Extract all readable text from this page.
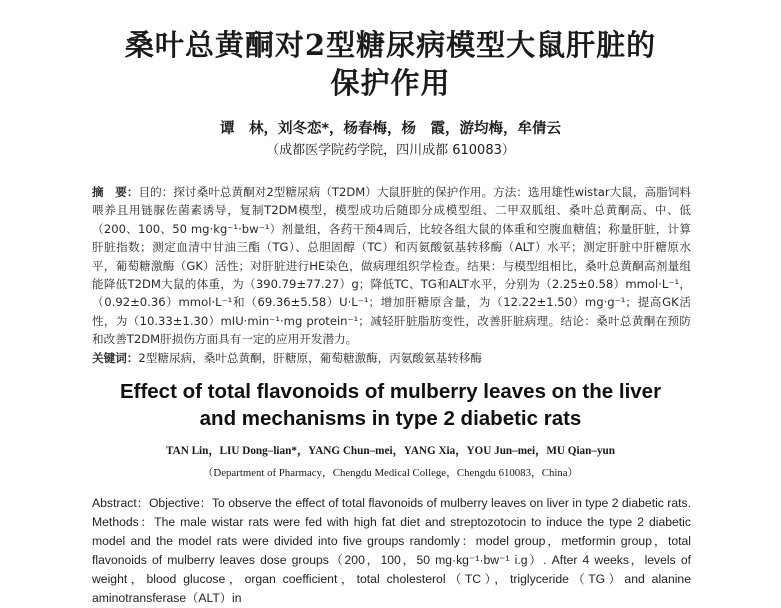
桑叶总黄酮对2型糖尿病模型大鼠肝脏的
保护作用
谭　林，刘冬恋*，杨春梅，杨　霞，游均梅，牟倩云
（成都医学院药学院，四川成都 610083）
摘　要：目的：探讨桑叶总黄酮对2型糖尿病（T2DM）大鼠肝脏的保护作用。方法：选用雄性wistar大鼠，高脂饲料喂养且用链脲佐菌素诱导，复制T2DM模型，模型成功后随即分成模型组、二甲双胍组、桑叶总黄酮高、中、低（200、100、50 mg·kg⁻¹·bw⁻¹）剂量组，各药干预4周后，比较各组大鼠的体重和空腹血糖值；称量肝脏，计算肝脏指数；测定血清中甘油三酯（TG）、总胆固醇（TC）和丙氨酸氨基转移酶（ALT）水平；测定肝脏中肝糖原水平，葡萄糖激酶（GK）活性；对肝脏进行HE染色，做病理组织学检查。结果：与模型组相比，桑叶总黄酮高剂量组能降低T2DM大鼠的体重，为（390.79±77.27）g；降低TC、TG和ALT水平，分别为（2.25±0.58）mmol·L⁻¹，（0.92±0.36）mmol·L⁻¹和（69.36±5.58）U·L⁻¹；增加肝糖原含量，为（12.22±1.50）mg·g⁻¹；提高GK活性，为（10.33±1.30）mIU·min⁻¹·mg protein⁻¹；减轻肝脏脂肪变性，改善肝脏病理。结论：桑叶总黄酮在预防和改善T2DM肝损伤方面具有一定的应用开发潜力。
关键词：2型糖尿病，桑叶总黄酮，肝糖原，葡萄糖激酶，丙氨酸氨基转移酶
Effect of total flavonoids of mulberry leaves on the liver
and mechanisms in type 2 diabetic rats
TAN Lin，LIU Dong–lian*，YANG Chun–mei，YANG Xia，YOU Jun–mei，MU Qian–yun
（Department of Pharmacy，Chengdu Medical College，Chengdu 610083，China）
Abstract：Objective：To observe the effect of total flavonoids of mulberry leaves on liver in type 2 diabetic rats. Methods：The male wistar rats were fed with high fat diet and streptozotocin to induce the type 2 diabetic model and the model rats were divided into five groups randomly：model group，metformin group，total flavonoids of mulberry leaves dose groups（200，100，50 mg·kg⁻¹·bw⁻¹ i.g）. After 4 weeks，levels of weight，blood glucose，organ coefficient，total cholesterol（TC），triglyceride（TG）and alanine aminotransferase（ALT）in
